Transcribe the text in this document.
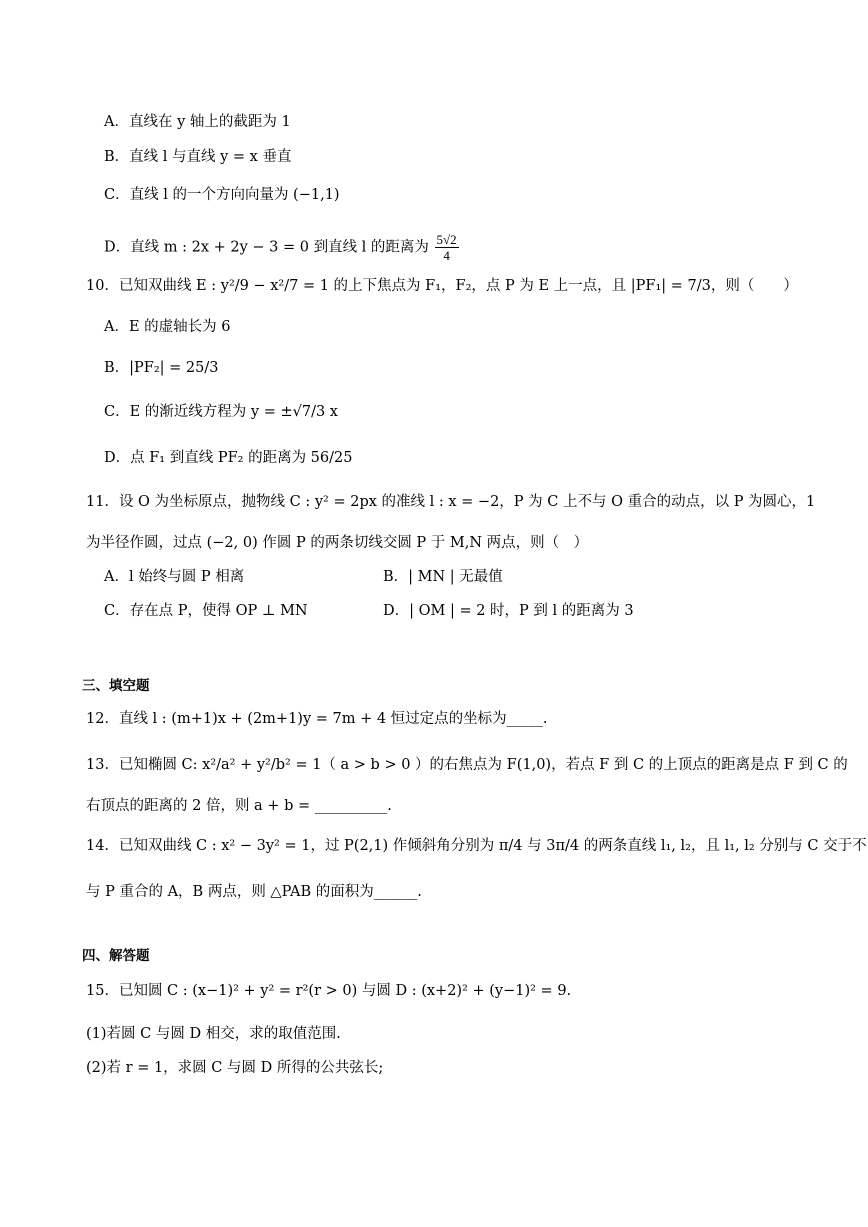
A．直线在 y 轴上的截距为 1
B．直线 l 与直线 y = x 垂直
C．直线 l 的一个方向向量为 (−1,1)
D．直线 m : 2x + 2y − 3 = 0 到直线 l 的距离为 $\frac{5√2}{4}$
10．已知双曲线 E : y²/9 − x²/7 = 1 的上下焦点为 F₁，F₂，点 P 为 E 上一点，且 |PF₁| = 7/3，则（　　）
A．E 的虚轴长为 6
B．|PF₂| = 25/3
C．E 的渐近线方程为 y = ±√7/3 x
D．点 F₁ 到直线 PF₂ 的距离为 56/25
11．设 O 为坐标原点，抛物线 C : y² = 2px 的准线 l : x = −2，P 为 C 上不与 O 重合的动点，以 P 为圆心，1
为半径作圆，过点 (−2, 0) 作圆 P 的两条切线交圆 P 于 M,N 两点，则（　）
A．l 始终与圆 P 相离	B．| MN | 无最值
C．存在点 P，使得 OP ⊥ MN	D．| OM | = 2 时，P 到 l 的距离为 3
三、填空题
12．直线 l : (m+1)x + (2m+1)y = 7m + 4 恒过定点的坐标为_____.
13．已知椭圆 C: x²/a² + y²/b² = 1（ a > b > 0 ）的右焦点为 F(1,0)，若点 F 到 C 的上顶点的距离是点 F 到 C 的
右顶点的距离的 2 倍，则 a + b = __________.
14．已知双曲线 C : x² − 3y² = 1，过 P(2,1) 作倾斜角分别为 π/4 与 3π/4 的两条直线 l₁, l₂，且 l₁, l₂ 分别与 C 交于不
与 P 重合的 A，B 两点，则 △PAB 的面积为______.
四、解答题
15．已知圆 C : (x−1)² + y² = r²(r > 0) 与圆 D : (x+2)² + (y−1)² = 9.
(1)若圆 C 与圆 D 相交，求的取值范围.
(2)若 r = 1，求圆 C 与圆 D 所得的公共弦长;
